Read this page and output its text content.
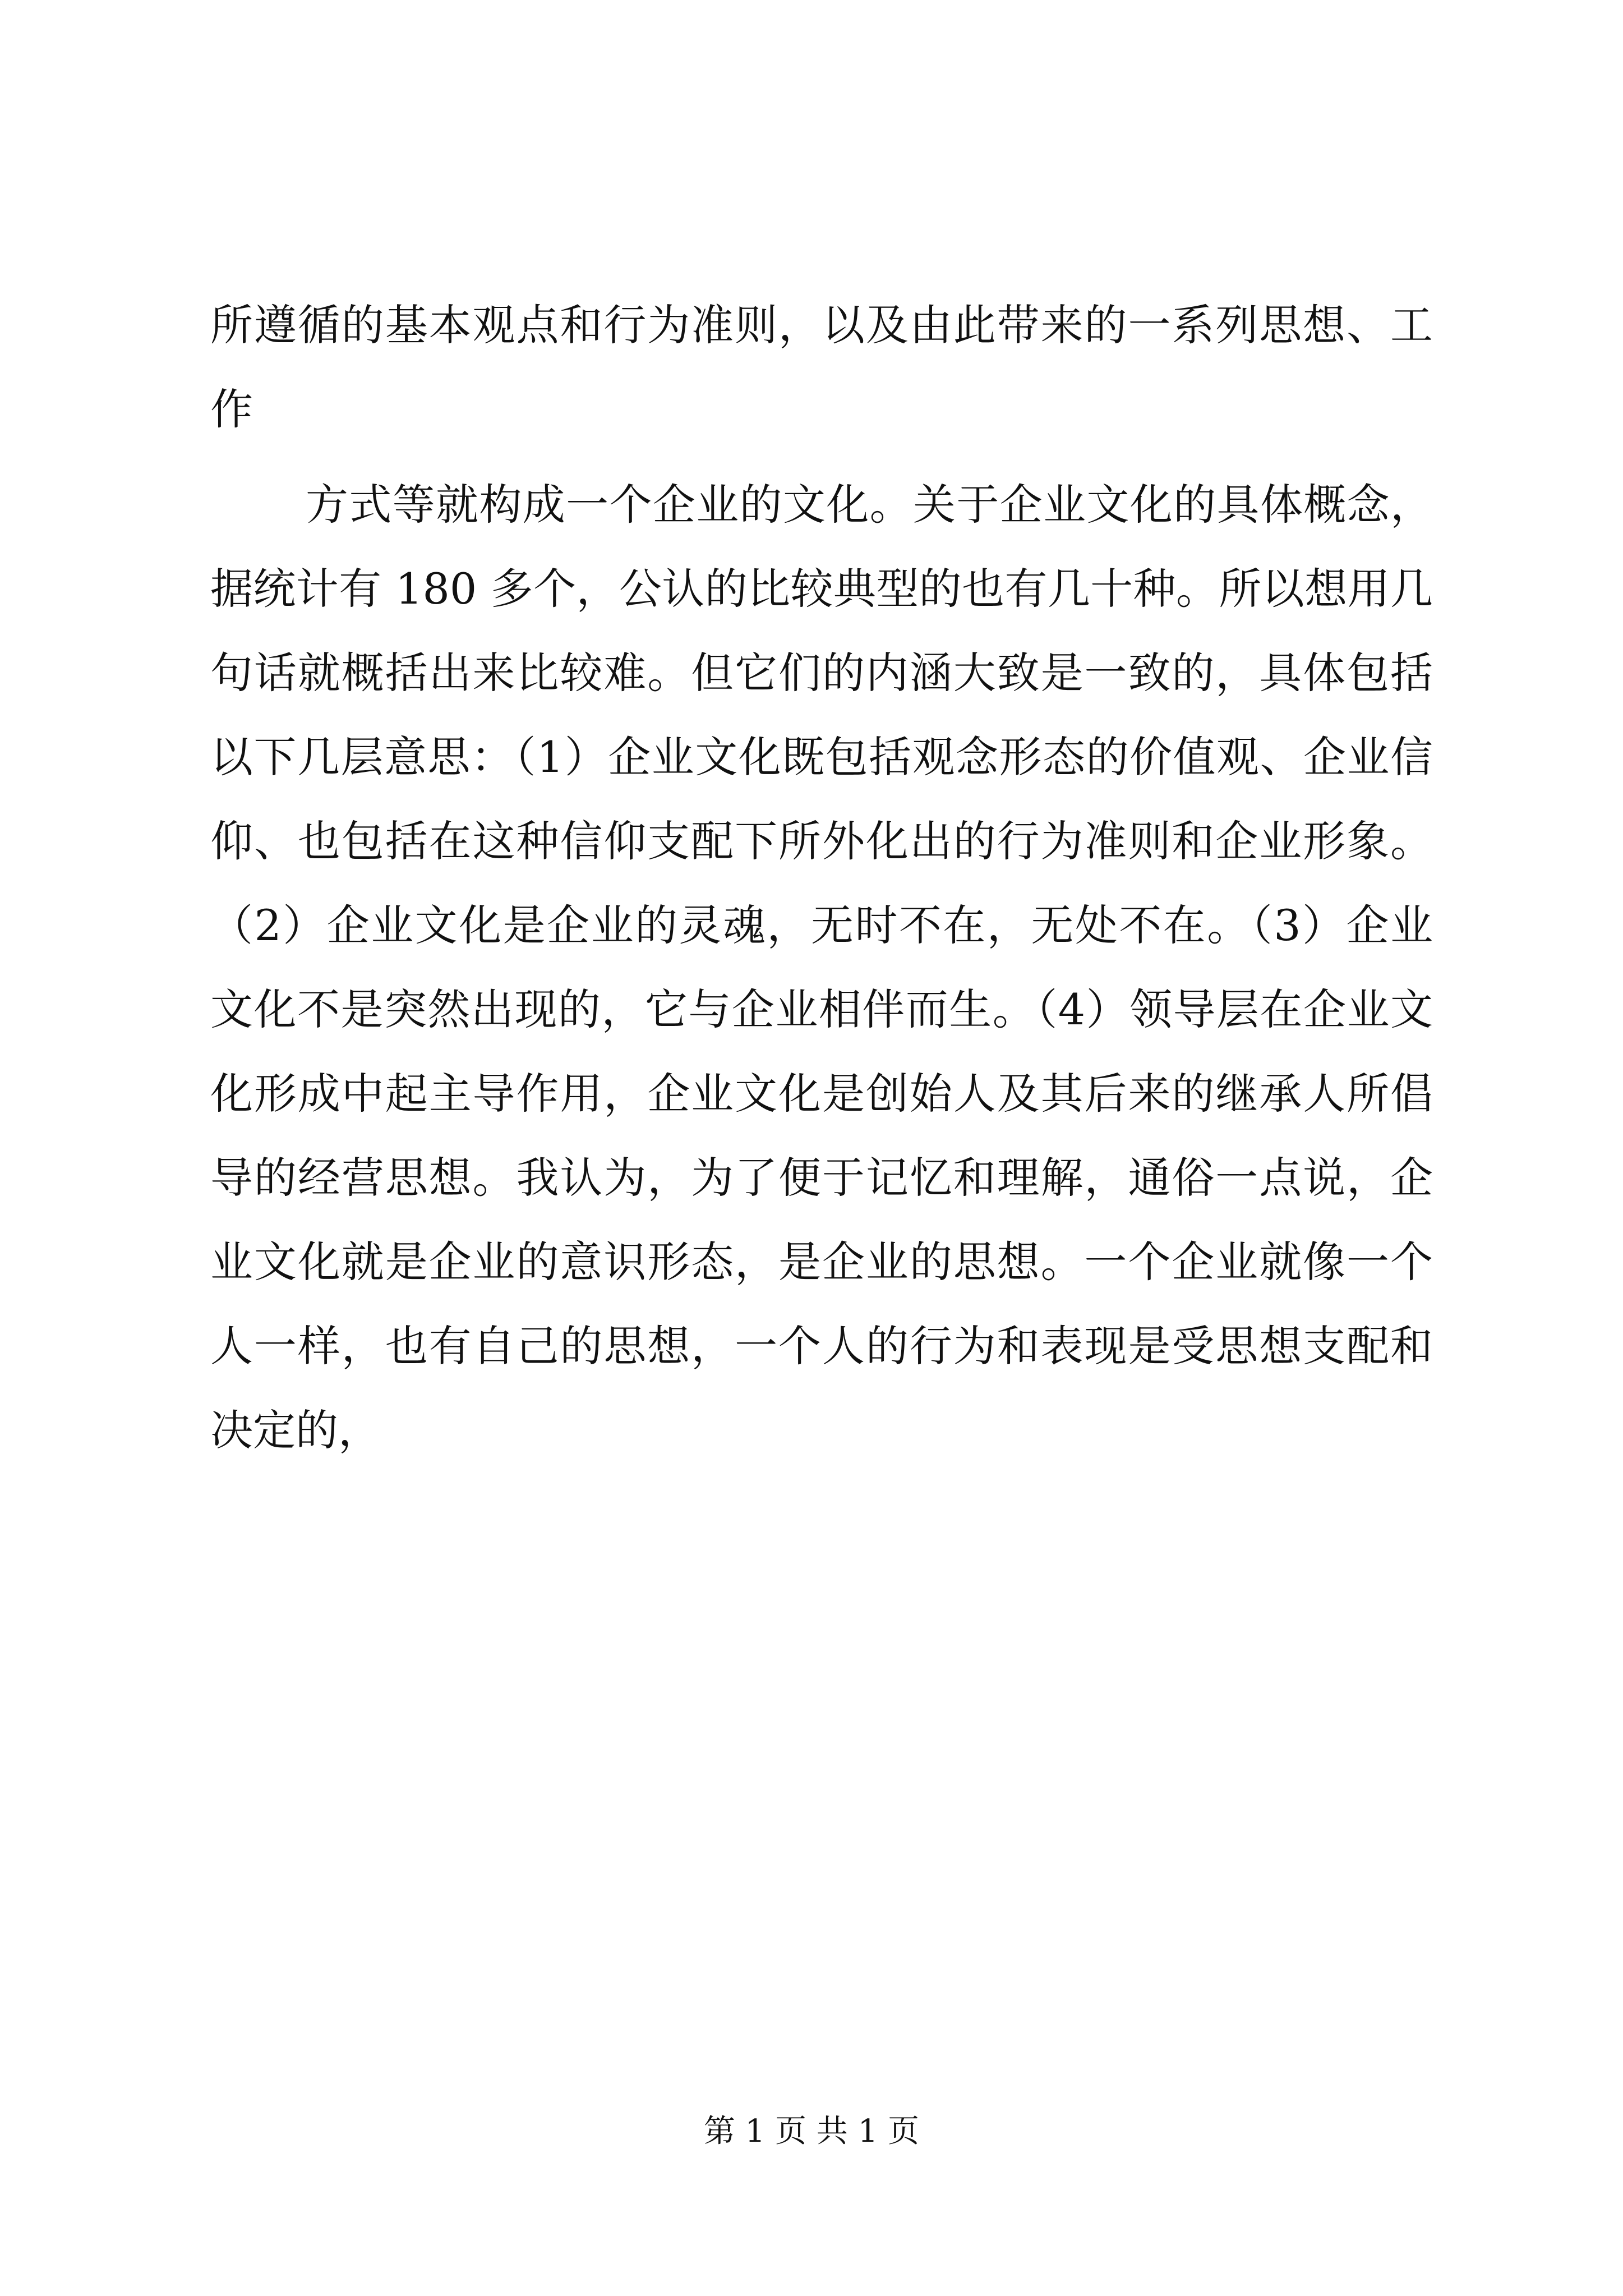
所遵循的基本观点和行为准则，以及由此带来的一系列思想、工
作
方式等就构成一个企业的文化。关于企业文化的具体概念，
据统计有 180 多个，公认的比较典型的也有几十种。所以想用几
句话就概括出来比较难。但它们的内涵大致是一致的，具体包括
以下几层意思：（1）企业文化既包括观念形态的价值观、企业信
仰、也包括在这种信仰支配下所外化出的行为准则和企业形象。
（2）企业文化是企业的灵魂，无时不在，无处不在。（3）企业
文化不是突然出现的，它与企业相伴而生。（4）领导层在企业文
化形成中起主导作用，企业文化是创始人及其后来的继承人所倡
导的经营思想。我认为，为了便于记忆和理解，通俗一点说，企
业文化就是企业的意识形态，是企业的思想。一个企业就像一个
人一样，也有自己的思想，一个人的行为和表现是受思想支配和
决定的，
第 1 页 共 1 页
